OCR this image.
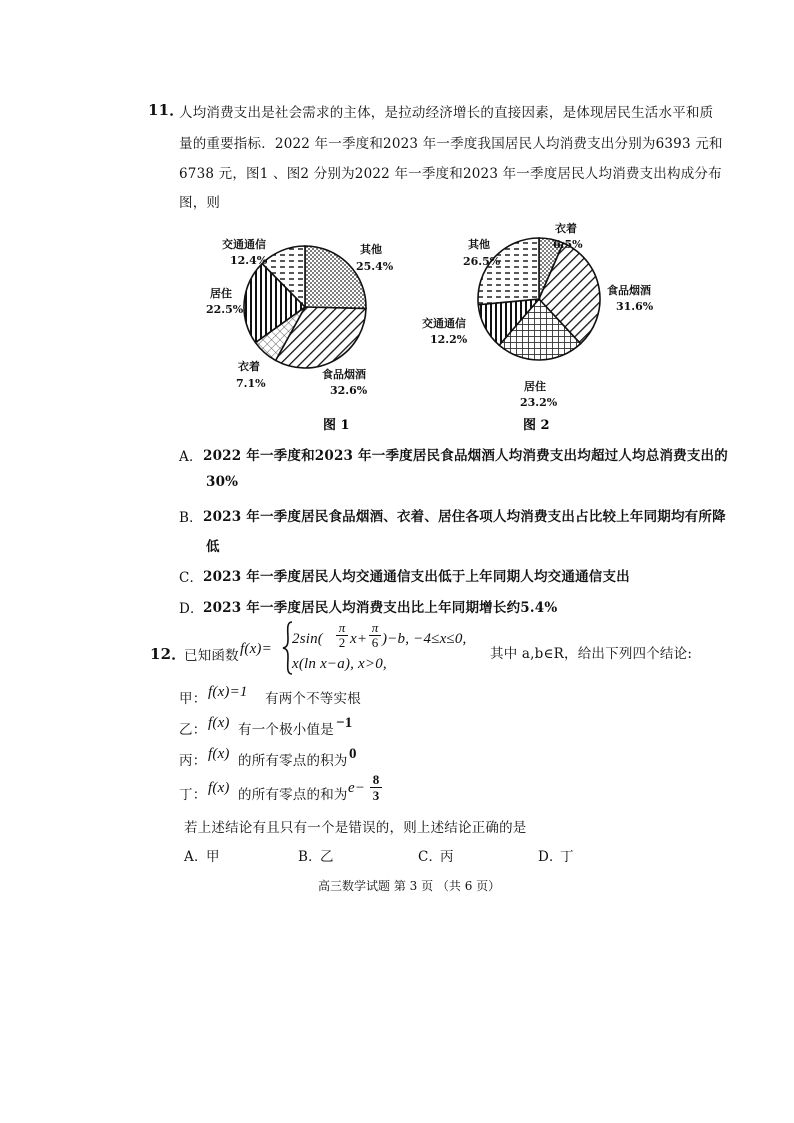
11．
人均消费支出是社会需求的主体，是拉动经济增长的直接因素，是体现居民生活水平和质
量的重要指标．2022 年一季度和2023 年一季度我国居民人均消费支出分别为6393 元和
6738 元，图1 、图2 分别为2022 年一季度和2023 年一季度居民人均消费支出构成分布
图，则
其他
25.4%
食品烟酒
32.6%
衣着
7.1%
居住
22.5%
交通通信
12.4%
衣着
6.5%
食品烟酒
31.6%
居住
23.2%
交通通信
12.2%
其他
26.5%
图 1	图 2
A． 2022 年一季度和2023 年一季度居民食品烟酒人均消费支出均超过人均总消费支出的
30%
B． 2023 年一季度居民食品烟酒、衣着、居住各项人均消费支出占比较上年同期均有所降
低
C． 2023 年一季度居民人均交通通信支出低于上年同期人均交通通信支出
D． 2023 年一季度居民人均消费支出比上年同期增长约5.4%
12．
已知函数 f(x)=
$2\sin( \frac{\pi}{2} x+ \frac{\pi}{6} )-b$, −4≤x≤0,
x(ln x−a), x>0,
其中 a,b∈R，给出下列四个结论:
甲： f(x)=1 有两个不等实根
乙： f(x) 有一个极小值是 −1
丙： f(x) 的所有零点的积为 0
丁： f(x) 的所有零点的和为 $e- \frac{8}{3}$
若上述结论有且只有一个是错误的，则上述结论正确的是
A．
甲	B．
乙	C．
丙	D．
丁
高三数学试题 第 3 页 （共 6 页）
